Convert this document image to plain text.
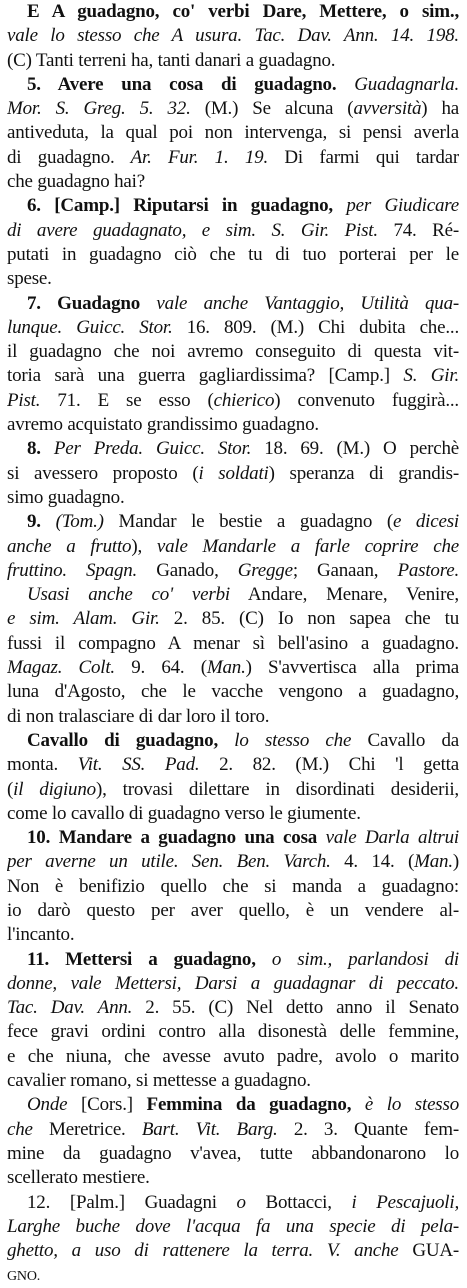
E A guadagno, co' verbi Dare, Mettere, o sim.,
vale lo stesso che A usura. Tac. Dav. Ann. 14. 198.
(C) Tanti terreni ha, tanti danari a guadagno.
5. Avere una cosa di guadagno. Guadagnarla.
Mor. S. Greg. 5. 32. (M.) Se alcuna (avversità) ha
antiveduta, la qual poi non intervenga, si pensi averla
di guadagno. Ar. Fur. 1. 19. Di farmi qui tardar
che guadagno hai?
6. [Camp.] Riputarsi in guadagno, per Giudicare
di avere guadagnato, e sim. S. Gir. Pist. 74. Ré-
putati in guadagno ciò che tu di tuo porterai per le
spese.
7. Guadagno vale anche Vantaggio, Utilità qua-
lunque. Guicc. Stor. 16. 809. (M.) Chi dubita che...
il guadagno che noi avremo conseguito di questa vit-
toria sarà una guerra gagliardissima? [Camp.] S. Gir.
Pist. 71. E se esso (chierico) convenuto fuggirà...
avremo acquistato grandissimo guadagno.
8. Per Preda. Guicc. Stor. 18. 69. (M.) O perchè
si avessero proposto (i soldati) speranza di grandis-
simo guadagno.
9. (Tom.) Mandar le bestie a guadagno (e dicesi
anche a frutto), vale Mandarle a farle coprire che
fruttino. Spagn. Ganado, Gregge; Ganaan, Pastore.
Usasi anche co' verbi Andare, Menare, Venire,
e sim. Alam. Gir. 2. 85. (C) Io non sapea che tu
fussi il compagno A menar sì bell'asino a guadagno.
Magaz. Colt. 9. 64. (Man.) S'avvertisca alla prima
luna d'Agosto, che le vacche vengono a guadagno,
di non tralasciare di dar loro il toro.
Cavallo di guadagno, lo stesso che Cavallo da
monta. Vit. SS. Pad. 2. 82. (M.) Chi 'l getta
(il digiuno), trovasi dilettare in disordinati desiderii,
come lo cavallo di guadagno verso le giumente.
10. Mandare a guadagno una cosa vale Darla altrui
per averne un utile. Sen. Ben. Varch. 4. 14. (Man.)
Non è benifizio quello che si manda a guadagno:
io darò questo per aver quello, è un vendere al-
l'incanto.
11. Mettersi a guadagno, o sim., parlandosi di
donne, vale Mettersi, Darsi a guadagnar di peccato.
Tac. Dav. Ann. 2. 55. (C) Nel detto anno il Senato
fece gravi ordini contro alla disonestà delle femmine,
e che niuna, che avesse avuto padre, avolo o marito
cavalier romano, si mettesse a guadagno.
Onde [Cors.] Femmina da guadagno, è lo stesso
che Meretrice. Bart. Vit. Barg. 2. 3. Quante fem-
mine da guadagno v'avea, tutte abbandonarono lo
scellerato mestiere.
12. [Palm.] Guadagni o Bottacci, i Pescajuoli,
Larghe buche dove l'acqua fa una specie di pela-
ghetto, a uso di rattenere la terra. V. anche GUA-
GNO.
